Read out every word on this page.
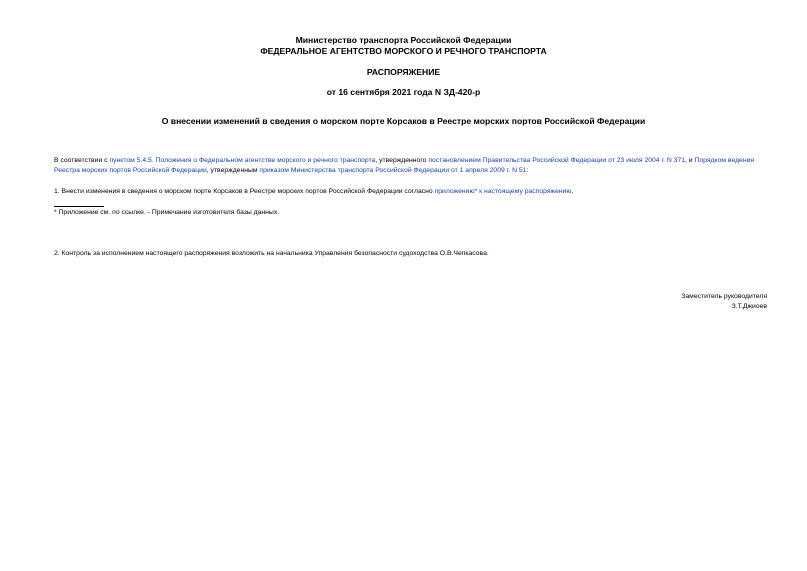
Министерство транспорта Российской Федерации
ФЕДЕРАЛЬНОЕ АГЕНТСТВО МОРСКОГО И РЕЧНОГО ТРАНСПОРТА
РАСПОРЯЖЕНИЕ
от 16 сентября 2021 года N ЗД-420-р
О внесении изменений в сведения о морском порте Корсаков в Реестре морских портов Российской Федерации
В соответствии с пунктом 5.4.5. Положения о Федеральном агентстве морского и речного транспорта, утвержденного постановлением Правительства Российской Федерации от 23 июля 2004 г. N 371, и Порядком ведения Реестра морских портов Российской Федерации, утвержденным приказом Министерства транспорта Российской Федерации от 1 апреля 2009 г. N 51:
1. Внести изменения в сведения о морском порте Корсаков в Реестре морских портов Российской Федерации согласно приложению* к настоящему распоряжению.
* Приложение см. по ссылке. - Примечание изготовителя базы данных.
2. Контроль за исполнением настоящего распоряжения возложить на начальника Управления безопасности судоходства О.В.Чепкасова.
Заместитель руководителя
З.Т.Джиоев
